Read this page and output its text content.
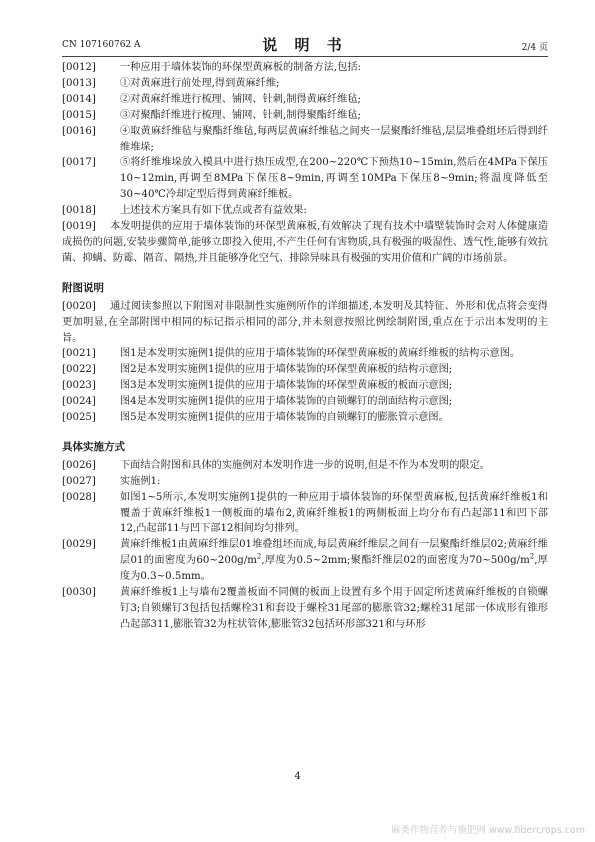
CN 107160762 A	说 明 书	2/4 页
[0012] 一种应用于墙体装饰的环保型黄麻板的制备方法,包括:
[0013] ①对黄麻进行前处理,得到黄麻纤维;
[0014] ②对黄麻纤维进行梳理、铺网、针刺,制得黄麻纤维毡;
[0015] ③对聚酯纤维进行梳理、铺网、针刺,制得聚酯纤维毡;
[0016] ④取黄麻纤维毡与聚酯纤维毡,每两层黄麻纤维毡之间夹一层聚酯纤维毡,层层堆叠组坯后得到纤维堆垛;
[0017] ⑤将纤维堆垛放入模具中进行热压成型,在200~220℃下预热10~15min,然后在4MPa下保压10~12min,再调至8MPa下保压8~9min,再调至10MPa下保压8~9min;将温度降低至30~40℃冷却定型后得到黄麻纤维板。
[0018] 上述技术方案具有如下优点或者有益效果:
[0019] 本发明提供的应用于墙体装饰的环保型黄麻板,有效解决了现有技术中墙壁装饰时会对人体健康造成损伤的问题,安装步骤简单,能够立即投入使用,不产生任何有害物质,具有极强的吸湿性、透气性,能够有效抗菌、抑螨、防霉、隔音、隔热,并且能够净化空气、排除异味具有极强的实用价值和广阔的市场前景。
附图说明
[0020] 通过阅读参照以下附图对非限制性实施例所作的详细描述,本发明及其特征、外形和优点将会变得更加明显,在全部附图中相同的标记指示相同的部分,并未刻意按照比例绘制附图,重点在于示出本发明的主旨。
[0021] 图1是本发明实施例1提供的应用于墙体装饰的环保型黄麻板的黄麻纤维板的结构示意图。
[0022] 图2是本发明实施例1提供的应用于墙体装饰的环保型黄麻板的结构示意图;
[0023] 图3是本发明实施例1提供的应用于墙体装饰的环保型黄麻板的板面示意图;
[0024] 图4是本发明实施例1提供的应用于墙体装饰的自锁螺钉的剖面结构示意图;
[0025] 图5是本发明实施例1提供的应用于墙体装饰的自锁螺钉的膨胀管示意图。
具体实施方式
[0026] 下面结合附图和具体的实施例对本发明作进一步的说明,但是不作为本发明的限定。
[0027] 实施例1:
[0028] 如图1~5所示,本发明实施例1提供的一种应用于墙体装饰的环保型黄麻板,包括黄麻纤维板1和覆盖于黄麻纤维板1一侧板面的墙布2,黄麻纤维板1的两侧板面上均分布有凸起部11和凹下部12,凸起部11与凹下部12相间均匀排列。
[0029] 黄麻纤维板1由黄麻纤维层01堆叠组坯而成,每层黄麻纤维层之间有一层聚酯纤维层02;黄麻纤维层01的面密度为$60\sim 200g/m^2$,厚度为0.5~2mm;聚酯纤维层02的面密度为$70\sim 500g/m^2$,厚度为0.3~0.5mm。
[0030] 黄麻纤维板1上与墙布2覆盖板面不同侧的板面上设置有多个用于固定所述黄麻纤维板的自锁螺钉3;自锁螺钉3包括包括螺栓31和套设于螺栓31尾部的膨胀管32;螺栓31尾部一体成形有锥形凸起部311,膨胀管32为柱状管体,膨胀管32包括环形部321和与环形
4
麻类作物营养与施肥网 www.fibercrops.com
